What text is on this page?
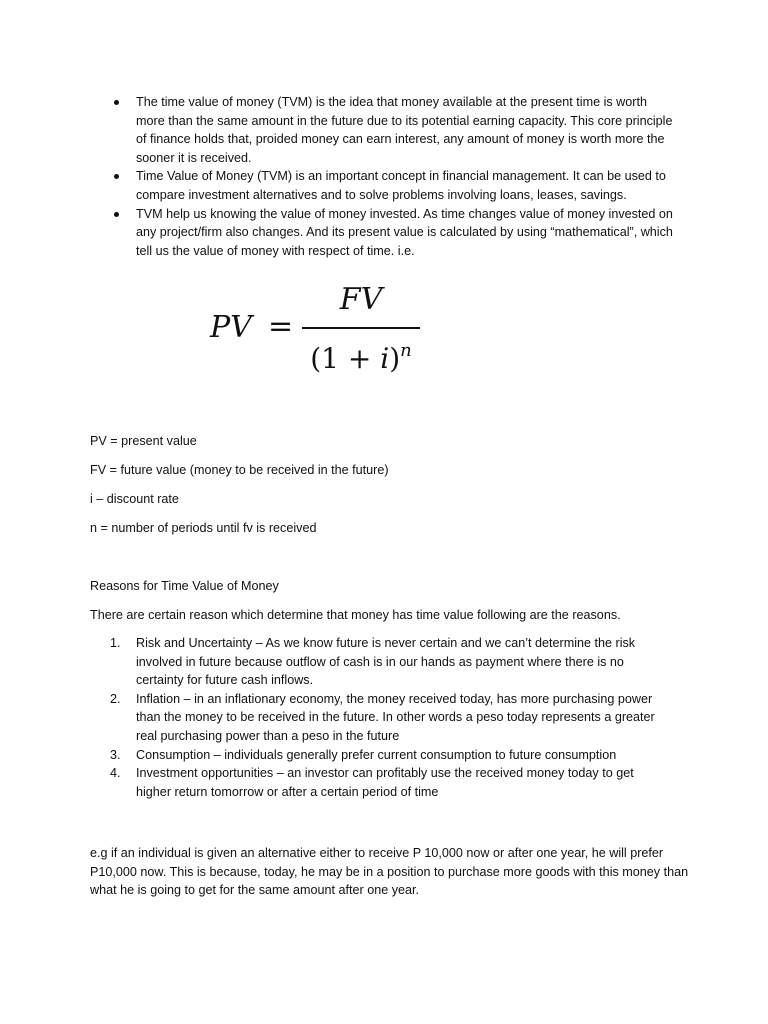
The time value of money (TVM) is the idea that money available at the present time is worth more than the same amount in the future due to its potential earning capacity. This core principle of finance holds that, proided money can earn interest, any amount of money is worth more the sooner it is received.
Time Value of Money (TVM) is an important concept in financial management. It can be used to compare investment alternatives and to solve problems involving loans, leases, savings.
TVM help us knowing the value of money invested. As time changes value of money invested on any project/firm also changes. And its present value is calculated by using “mathematical”, which tell us the value of money with respect of time. i.e.
PV =
FV
$(1 + i)^n$

PV = present value

FV = future value (money to be received in the future)

i – discount rate

n = number of periods until fv is received

Reasons for Time Value of Money

There are certain reason which determine that money has time value following are the reasons.

1. Risk and Uncertainty – As we know future is never certain and we can’t determine the risk involved in future because outflow of cash is in our hands as payment where there is no certainty for future cash inflows.
2. Inflation – in an inflationary economy, the money received today, has more purchasing power than the money to be received in the future. In other words a peso today represents a greater real purchasing power than a peso in the future
3. Consumption – individuals generally prefer current consumption to future consumption
4. Investment opportunities – an investor can profitably use the received money today to get higher return tomorrow or after a certain period of time

e.g if an individual is given an alternative either to receive P 10,000 now or after one year, he will prefer P10,000 now. This is because, today, he may be in a position to purchase more goods with this money than what he is going to get for the same amount after one year.
